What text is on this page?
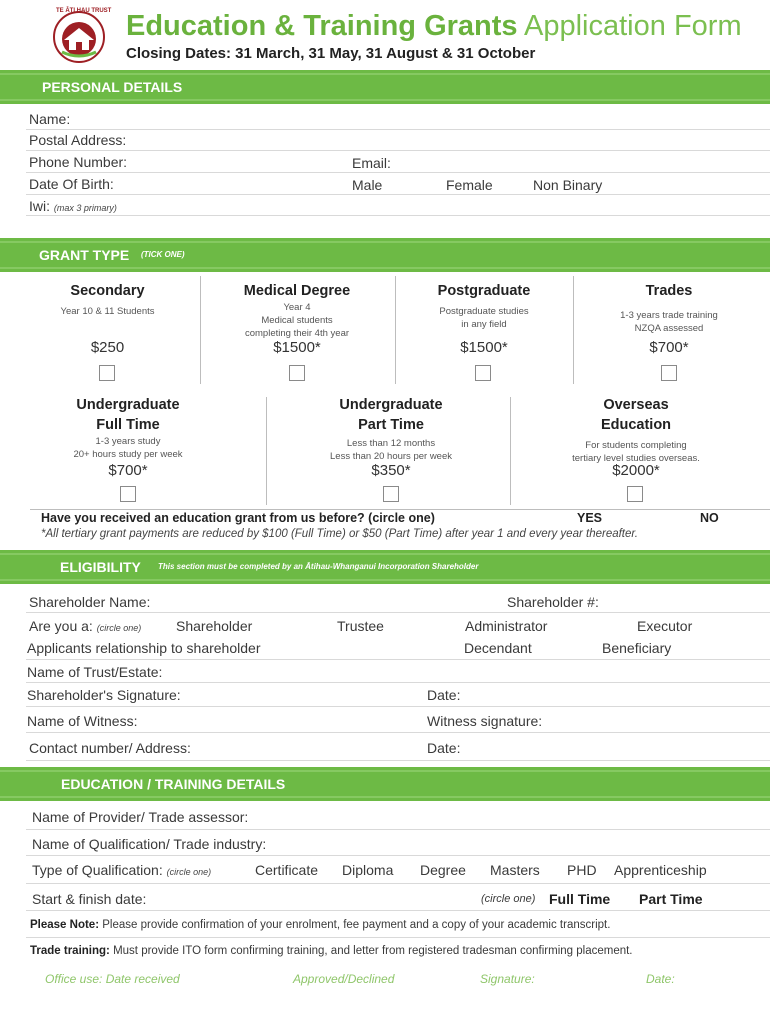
TE ĀTI HAU TRUST Education & Training Grants Application Form
Closing Dates: 31 March, 31 May, 31 August & 31 October
PERSONAL DETAILS
Name:
Postal Address:
Phone Number:	Email:
Date Of Birth:	Male	Female	Non Binary
Iwi: (max 3 primary)
GRANT TYPE (TICK ONE)
Secondary
Year 10 & 11 Students
$250
Medical Degree
Year 4
Medical students
completing their 4th year
$1500*
Postgraduate
Postgraduate studies
in any field
$1500*
Trades
1-3 years trade training
NZQA assessed
$700*
Undergraduate
Full Time
1-3 years study
20+ hours study per week
$700*
Undergraduate
Part Time
Less than 12 months
Less than 20 hours per week
$350*
Overseas
Education
For students completing
tertiary level studies overseas.
$2000*
Have you received an education grant from us before? (circle one)	YES	NO
*All tertiary grant payments are reduced by $100 (Full Time) or $50 (Part Time) after year 1 and every year thereafter.
ELIGIBILITY This section must be completed by an Ātihau-Whanganui Incorporation Shareholder
Shareholder Name:	Shareholder #:
Are you a: (circle one) Shareholder	Trustee	Administrator	Executor
Applicants relationship to shareholder	Decendant	Beneficiary
Name of Trust/Estate:
Shareholder's Signature:	Date:
Name of Witness:	Witness signature:
Contact number/ Address:	Date:
EDUCATION / TRAINING DETAILS
Name of Provider/ Trade assessor:
Name of Qualification/ Trade industry:
Type of Qualification: (circle one)	Certificate Diploma Degree Masters PHD Apprenticeship
Start & finish date:	(circle one) Full Time Part Time
Please Note: Please provide confirmation of your enrolment, fee payment and a copy of your academic transcript.
Trade training: Must provide ITO form confirming training, and letter from registered tradesman confirming placement.
Office use: Date received	Approved/Declined	Signature:	Date:
